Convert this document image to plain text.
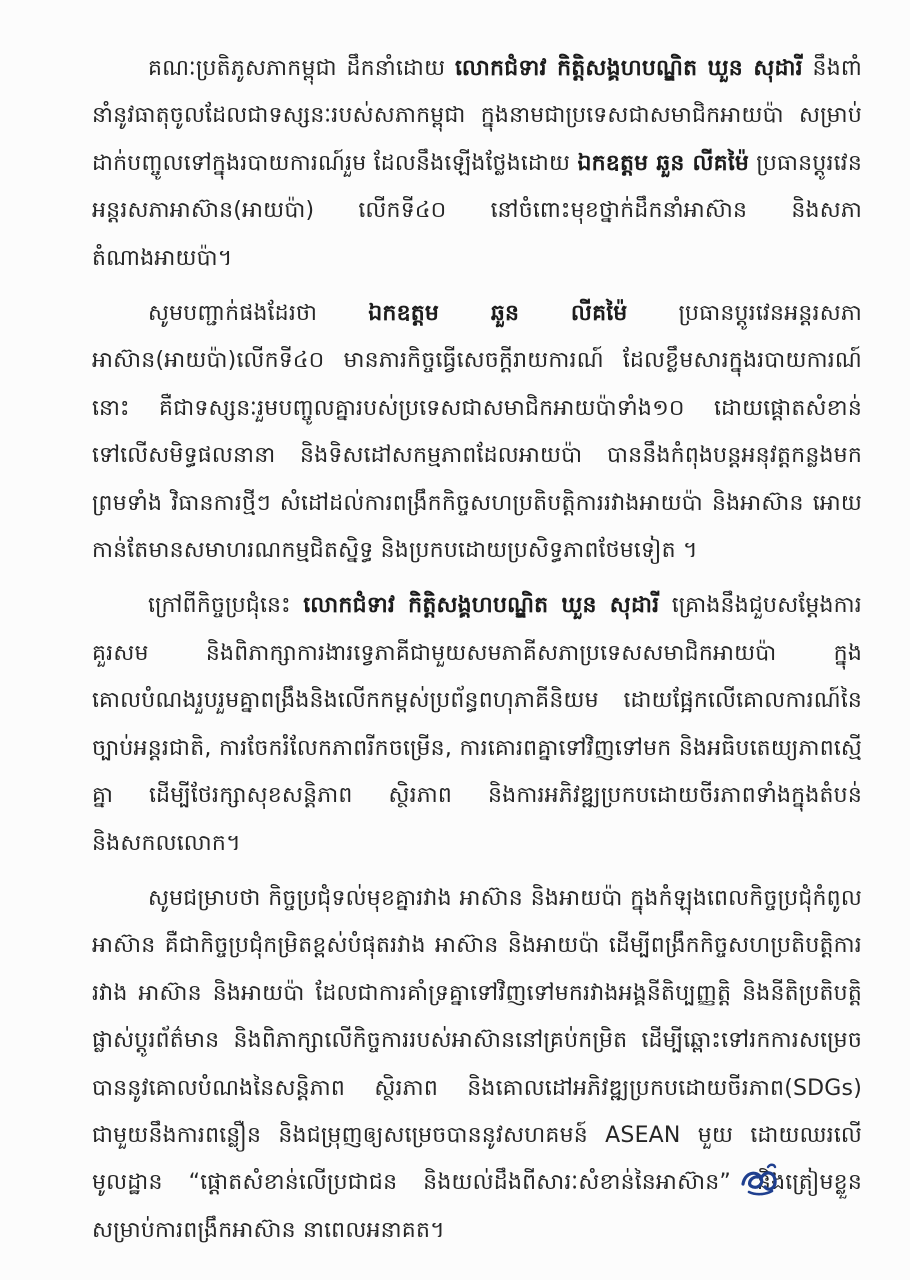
គណៈប្រតិភូសភាកម្ពុជា ដឹកនាំដោយ លោកជំទាវ កិត្តិសង្គហបណ្ឌិត ឃួន សុដារី នឹងពាំនាំនូវធាតុចូលដែលជាទស្សនៈរបស់សភាកម្ពុជា ក្នុងនាមជាប្រទេសជាសមាជិកអាយប៉ា សម្រាប់ដាក់បញ្ចូលទៅក្នុងរបាយការណ៍រួម ដែលនឹងឡើងថ្លែងដោយ ឯកឧត្តម ឆួន លីគម៉ៃ ប្រធានប្ដូរវេនអន្តរសភាអាស៊ាន(អាយប៉ា) លើកទី៤០ នៅចំពោះមុខថ្នាក់ដឹកនាំអាស៊ាន និងសភាតំណាងអាយប៉ា។

សូមបញ្ជាក់ផងដែរថា ឯកឧត្តម ឆួន លីគម៉ៃ ប្រធានប្ដូរវេនអន្តរសភាអាស៊ាន(អាយប៉ា)លើកទី៤០ មានភារកិច្ចធ្វើសេចក្ដីរាយការណ៍ ដែលខ្លឹមសារក្នុងរបាយការណ៍នោះ គឺជាទស្សនៈរួមបញ្ចូលគ្នារបស់ប្រទេសជាសមាជិកអាយប៉ាទាំង១០ ដោយផ្ដោតសំខាន់ទៅលើសមិទ្ធផលនានា និងទិសដៅសកម្មភាពដែលអាយប៉ា បាននឹងកំពុងបន្តអនុវត្តកន្លងមក ព្រមទាំង វិធានការថ្មីៗ សំដៅដល់ការពង្រឹកកិច្ចសហប្រតិបត្តិការរវាងអាយប៉ា និងអាស៊ាន អោយកាន់តែមានសមាហរណកម្មជិតស្និទ្ធ និងប្រកបដោយប្រសិទ្ធភាពថែមទៀត ។

ក្រៅពីកិច្ចប្រជុំនេះ លោកជំទាវ កិត្តិសង្គហបណ្ឌិត ឃួន សុដារី គ្រោងនឹងជួបសម្ដែងការគួរសម និងពិភាក្សាការងារទ្វេភាគីជាមួយសមភាគីសភាប្រទេសសមាជិកអាយប៉ា ក្នុងគោលបំណងរួបរួមគ្នាពង្រឹងនិងលើកកម្ពស់ប្រព័ន្ធពហុភាគីនិយម ដោយផ្អែកលើគោលការណ៍នៃច្បាប់អន្តរជាតិ, ការចែករំលែកភាពរីកចម្រើន, ការគោរពគ្នាទៅវិញទៅមក និងអធិបតេយ្យភាពស្មើគ្នា ដើម្បីថែរក្សាសុខសន្តិភាព ស្ថិរភាព និងការអភិវឌ្ឍប្រកបដោយចីរភាពទាំងក្នុងតំបន់ និងសកលលោក។

សូមជម្រាបថា កិច្ចប្រជុំទល់មុខគ្នារវាង អាស៊ាន និងអាយប៉ា ក្នុងកំឡុងពេលកិច្ចប្រជុំកំពូលអាស៊ាន គឺជាកិច្ចប្រជុំកម្រិតខ្ពស់បំផុតរវាង អាស៊ាន និងអាយប៉ា ដើម្បីពង្រឹកកិច្ចសហប្រតិបត្តិការរវាង អាស៊ាន និងអាយប៉ា ដែលជាការគាំទ្រគ្នាទៅវិញទៅមករវាងអង្គនីតិប្បញ្ញត្តិ និងនីតិប្រតិបត្តិ ផ្លាស់ប្ដូរព័ត៌មាន និងពិភាក្សាលើកិច្ចការរបស់អាស៊ាននៅគ្រប់កម្រិត ដើម្បីឆ្ពោះទៅរកការសម្រេចបាននូវគោលបំណងនៃសន្តិភាព ស្ថិរភាព និងគោលដៅអភិវឌ្ឍប្រកបដោយចីរភាព(SDGs) ជាមួយនឹងការពន្លឿន និងជម្រុញឲ្យសម្រេចបាននូវសហគមន៍ ASEAN មួយ ដោយឈរលើមូលដ្ឋាន “ផ្ដោតសំខាន់លើប្រជាជន និងយល់ដឹងពីសារៈសំខាន់នៃអាស៊ាន” និងត្រៀមខ្លួនសម្រាប់ការពង្រឹកអាស៊ាន នាពេលអនាគត។
